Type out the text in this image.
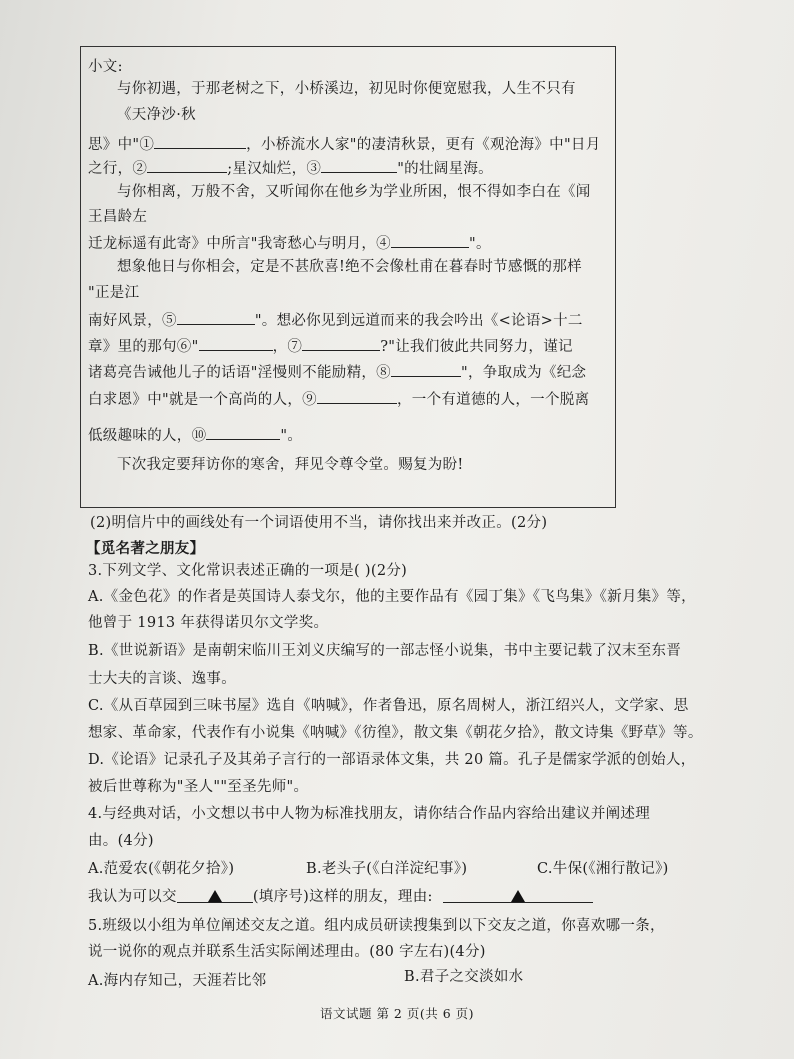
小文:
与你初遇，于那老树之下，小桥溪边，初见时你便宽慰我，人生不只有
《天净沙·秋
思》中"①	，小桥流水人家"的凄清秋景，更有《观沧海》中"日月
之行，②	;星汉灿烂，③	"的壮阔星海。
与你相离，万般不舍，又听闻你在他乡为学业所困，恨不得如李白在《闻
王昌龄左
迁龙标遥有此寄》中所言"我寄愁心与明月，④	"。
想象他日与你相会，定是不甚欣喜!绝不会像杜甫在暮春时节感慨的那样
"正是江
南好风景，⑤	"。想必你见到远道而来的我会吟出《<论语>十二
章》里的那句⑥"	，⑦	?"让我们彼此共同努力，谨记
诸葛亮告诫他儿子的话语"淫慢则不能励精，⑧	"，争取成为《纪念
白求恩》中"就是一个高尚的人，⑨	，一个有道德的人，一个脱离
低级趣味的人，⑩	"。
下次我定要拜访你的寒舍，拜见令尊令堂。赐复为盼!
(2)明信片中的画线处有一个词语使用不当，请你找出来并改正。(2分)
【觅名著之朋友】
3.下列文学、文化常识表述正确的一项是( )(2分)
A.《金色花》的作者是英国诗人泰戈尔，他的主要作品有《园丁集》《飞鸟集》《新月集》等，
他曾于 1913 年获得诺贝尔文学奖。
B.《世说新语》是南朝宋临川王刘义庆编写的一部志怪小说集，书中主要记载了汉末至东晋
士大夫的言谈、逸事。
C.《从百草园到三味书屋》选自《呐喊》，作者鲁迅，原名周树人，浙江绍兴人，文学家、思
想家、革命家，代表作有小说集《呐喊》《彷徨》，散文集《朝花夕拾》，散文诗集《野草》等。
D.《论语》记录孔子及其弟子言行的一部语录体文集，共 20 篇。孔子是儒家学派的创始人，
被后世尊称为"圣人""至圣先师"。
4.与经典对话，小文想以书中人物为标准找朋友，请你结合作品内容给出建议并阐述理
由。(4分)
A.范爱农(《朝花夕拾》)	B.老头子(《白洋淀纪事》)	C.牛保(《湘行散记》)
我认为可以交	(填序号)这样的朋友，理由:
5.班级以小组为单位阐述交友之道。组内成员研读搜集到以下交友之道，你喜欢哪一条，
说一说你的观点并联系生活实际阐述理由。(80 字左右)(4分)
A.海内存知己，天涯若比邻	B.君子之交淡如水
语文试题 第 2 页(共 6 页)
